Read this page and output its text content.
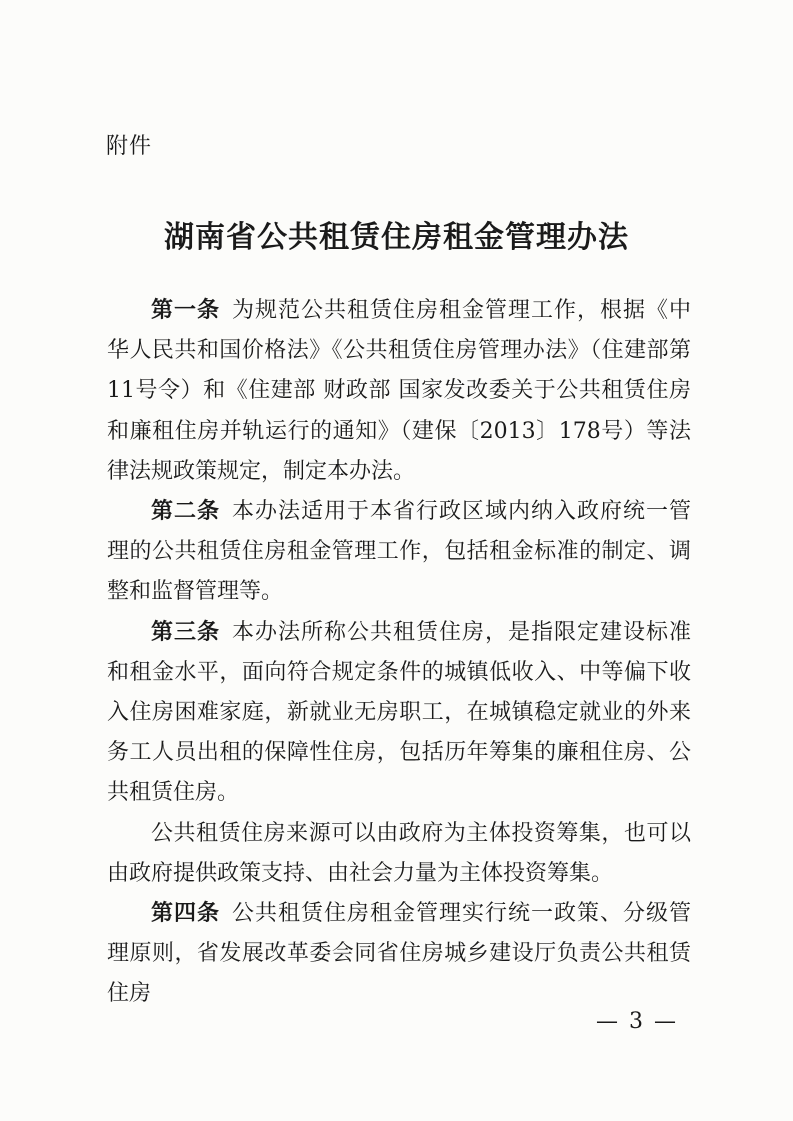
附件
湖南省公共租赁住房租金管理办法

第一条 为规范公共租赁住房租金管理工作，根据《中华人民共和国价格法》《公共租赁住房管理办法》（住建部第11号令）和《住建部 财政部 国家发改委关于公共租赁住房和廉租住房并轨运行的通知》（建保〔2013〕178号）等法律法规政策规定，制定本办法。

第二条 本办法适用于本省行政区域内纳入政府统一管理的公共租赁住房租金管理工作，包括租金标准的制定、调整和监督管理等。

第三条 本办法所称公共租赁住房，是指限定建设标准和租金水平，面向符合规定条件的城镇低收入、中等偏下收入住房困难家庭，新就业无房职工，在城镇稳定就业的外来务工人员出租的保障性住房，包括历年筹集的廉租住房、公共租赁住房。

公共租赁住房来源可以由政府为主体投资筹集，也可以由政府提供政策支持、由社会力量为主体投资筹集。

第四条 公共租赁住房租金管理实行统一政策、分级管理原则，省发展改革委会同省住房城乡建设厅负责公共租赁住房

— 3 —
